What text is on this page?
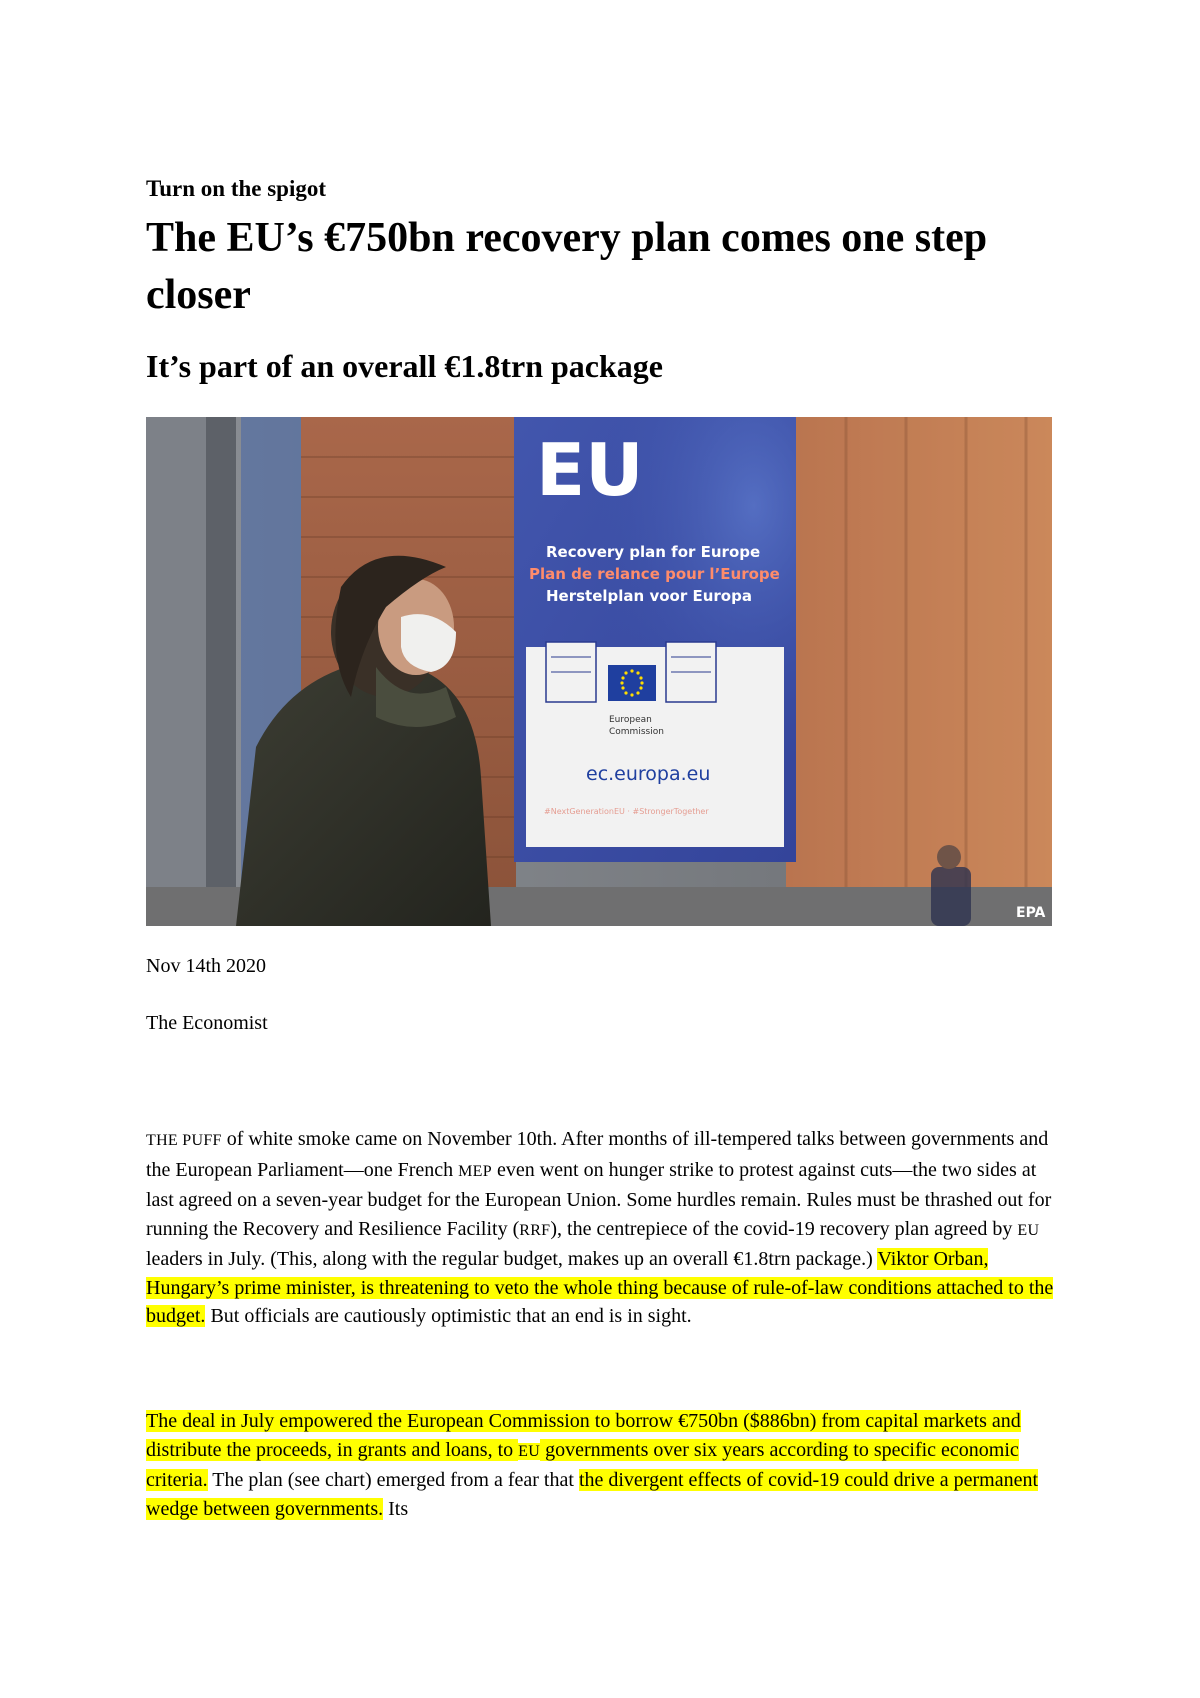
Turn on the spigot

The EU’s €750bn recovery plan comes one step closer
It’s part of an overall €1.8trn package
EU
Recovery plan for Europe
Plan de relance pour l’Europe
Herstelplan voor Europa
European
Commission
ec.europa.eu
#NextGenerationEU · #StrongerTogether
EPA

Nov 14th 2020

The Economist

THE PUFF of white smoke came on November 10th. After months of ill-tempered talks between governments and the European Parliament—one French MEP even went on hunger strike to protest against cuts—the two sides at last agreed on a seven-year budget for the European Union. Some hurdles remain. Rules must be thrashed out for running the Recovery and Resilience Facility (RRF), the centrepiece of the covid-19 recovery plan agreed by EU leaders in July. (This, along with the regular budget, makes up an overall €1.8trn package.) Viktor Orban, Hungary’s prime minister, is threatening to veto the whole thing because of rule-of-law conditions attached to the budget. But officials are cautiously optimistic that an end is in sight.

The deal in July empowered the European Commission to borrow €750bn ($886bn) from capital markets and distribute the proceeds, in grants and loans, to EU governments over six years according to specific economic criteria. The plan (see chart) emerged from a fear that the divergent effects of covid-19 could drive a permanent wedge between governments. Its
